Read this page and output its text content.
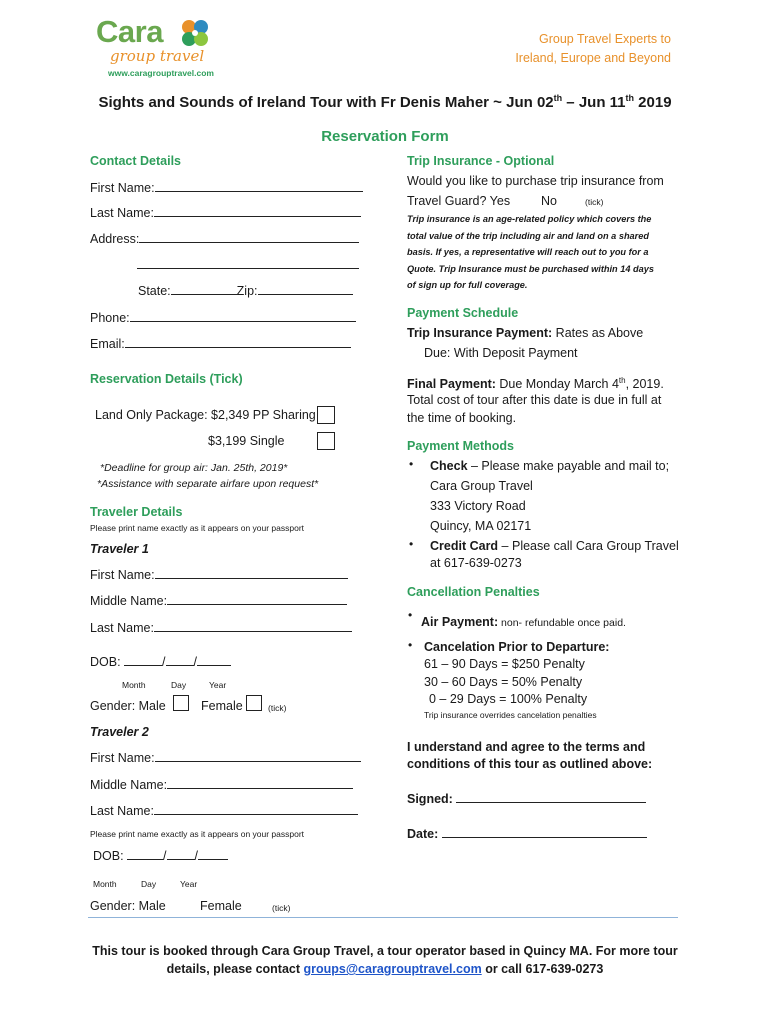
Cara
group travel
www.caragrouptravel.com
Group Travel Experts to
Ireland, Europe and Beyond
Sights and Sounds of Ireland Tour with Fr Denis Maher ~ Jun 02th – Jun 11th 2019
Reservation Form
Contact Details
First Name:
Last Name:
Address:
State:	Zip:
Phone:
Email:
Reservation Details (Tick)
Land Only Package: $2,349 PP Sharing
$3,199 Single
*Deadline for group air: Jan. 25th, 2019*
*Assistance with separate airfare upon request*
Traveler Details
Please print name exactly as it appears on your passport
Traveler 1
First Name:
Middle Name:
Last Name:
DOB:	/ /
Month	Day	Year
Gender: Male	Female	(tick)
Traveler 2
First Name:
Middle Name:
Last Name:
Please print name exactly as it appears on your passport
DOB:	/ /
Month	Day	Year
Gender: Male	Female	(tick)
Trip Insurance - Optional
Would you like to purchase trip insurance from
Travel Guard? Yes No	(tick)
Trip insurance is an age-related policy which covers the
total value of the trip including air and land on a shared
basis. If yes, a representative will reach out to you for a
Quote. Trip Insurance must be purchased within 14 days
of sign up for full coverage.
Payment Schedule
Trip Insurance Payment: Rates as Above
Due: With Deposit Payment
Final Payment: Due Monday March 4th, 2019.
Total cost of tour after this date is due in full at
the time of booking.
Payment Methods
• Check – Please make payable and mail to;
Cara Group Travel
333 Victory Road
Quincy, MA 02171
• Credit Card – Please call Cara Group Travel
at 617-639-0273
Cancellation Penalties
• Air Payment: non- refundable once paid.
• Cancelation Prior to Departure:
61 – 90 Days = $250 Penalty
30 – 60 Days = 50% Penalty
0 – 29 Days = 100% Penalty
Trip insurance overrides cancelation penalties
I understand and agree to the terms and
conditions of this tour as outlined above:
Signed:
Date:
This tour is booked through Cara Group Travel, a tour operator based in Quincy MA. For more tour
details, please contact groups@caragrouptravel.com or call 617-639-0273
